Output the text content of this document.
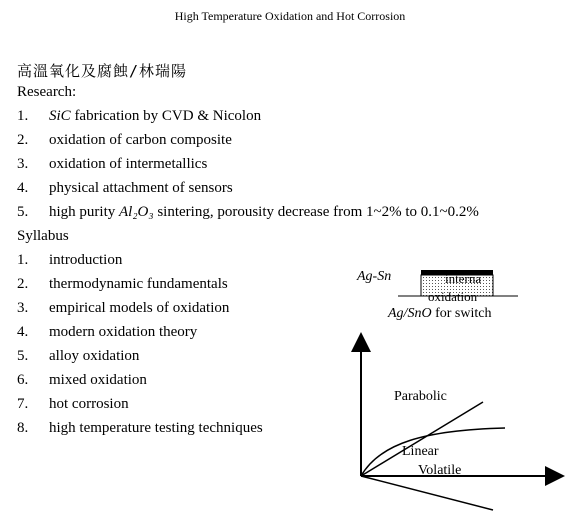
High Temperature Oxidation and Hot Corrosion
高溫氧化及腐蝕/林瑞陽
Research:
1. SiC fabrication by CVD & Nicolon
2. oxidation of carbon composite
3. oxidation of intermetallics
4. physical attachment of sensors
5. high purity Al₂O₃ sintering, porousity decrease from 1~2% to 0.1~0.2%
Syllabus
1. introduction
2. thermodynamic fundamentals
3. empirical models of oxidation
4. modern oxidation theory
5. alloy oxidation
6. mixed oxidation
7. hot corrosion
8. high temperature testing techniques
Ag-Sn	interna
oxidation
Ag/SnO for switch
Parabolic
Linear
Volatile
